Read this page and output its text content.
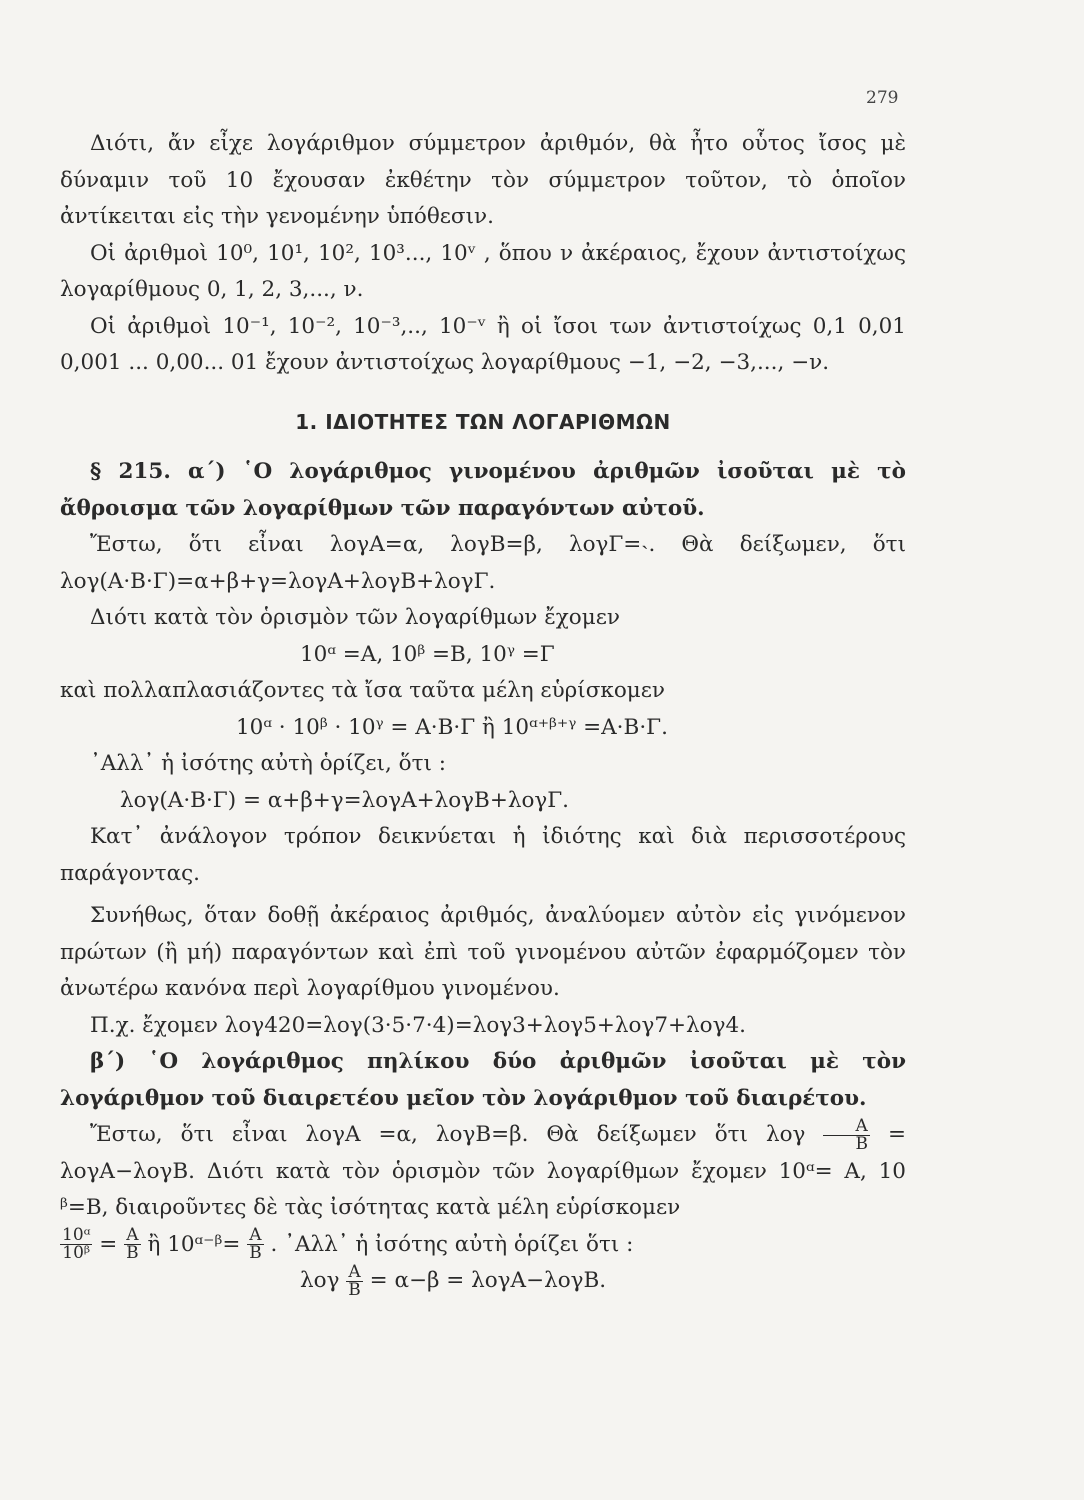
279

Διότι, ἄν εἶχε λογάριθμον σύμμετρον ἀριθμόν, θὰ ἦτο οὗτος ἴσος μὲ δύναμιν τοῦ 10 ἔχουσαν ἐκθέτην τὸν σύμμετρον τοῦτον, τὸ ὁποῖον ἀντίκειται εἰς τὴν γενομένην ὑπόθεσιν.

Οἱ ἀριθμοὶ 10⁰, 10¹, 10², 10³..., 10ᵛ , ὅπου ν ἀκέραιος, ἔχουν ἀντιστοίχως λογαρίθμους 0, 1, 2, 3,..., ν.

Οἱ ἀριθμοὶ 10⁻¹, 10⁻², 10⁻³,.., 10⁻ᵛ ἢ οἱ ἴσοι των ἀντιστοίχως 0,1 0,01 0,001 ... 0,00... 01 ἔχουν ἀντιστοίχως λογαρίθμους −1, −2, −3,..., −ν.

1. ΙΔΙΟΤΗΤΕΣ ΤΩΝ ΛΟΓΑΡΙΘΜΩΝ

§ 215. α΄) ῾Ο λογάριθμος γινομένου ἀριθμῶν ἰσοῦται μὲ τὸ ἄθροισμα τῶν λογαρίθμων τῶν παραγόντων αὐτοῦ.

Ἔστω, ὅτι εἶναι λογΑ=α, λογΒ=β, λογΓ=˴. Θὰ δείξωμεν, ὅτι λογ(Α·Β·Γ)=α+β+γ=λογΑ+λογΒ+λογΓ.

Διότι κατὰ τὸν ὁρισμὸν τῶν λογαρίθμων ἔχομεν

10ᵅ =Α, 10ᵝ =Β, 10ᵞ =Γ

καὶ πολλαπλασιάζοντες τὰ ἴσα ταῦτα μέλη εὑρίσκομεν

10ᵅ · 10ᵝ · 10ᵞ = Α·Β·Γ ἢ 10ᵅ⁺ᵝ⁺ᵞ =Α·Β·Γ.

᾿Αλλ᾿ ἡ ἰσότης αὐτὴ ὁρίζει, ὅτι :

λογ(Α·Β·Γ) = α+β+γ=λογΑ+λογΒ+λογΓ.

Κατ᾿ ἀνάλογον τρόπον δεικνύεται ἡ ἰδιότης καὶ διὰ περισσοτέρους παράγοντας.

Συνήθως, ὅταν δοθῇ ἀκέραιος ἀριθμός, ἀναλύομεν αὐτὸν εἰς γινόμενον πρώτων (ἢ μή) παραγόντων καὶ ἐπὶ τοῦ γινομένου αὐτῶν ἐφαρμόζομεν τὸν ἀνωτέρω κανόνα περὶ λογαρίθμου γινομένου.

Π.χ. ἔχομεν λογ420=λογ(3·5·7·4)=λογ3+λογ5+λογ7+λογ4.

β΄) ῾Ο λογάριθμος πηλίκου δύο ἀριθμῶν ἰσοῦται μὲ τὸν λογάριθμον τοῦ διαιρετέου μεῖον τὸν λογάριθμον τοῦ διαιρέτου.

Ἔστω, ὅτι εἶναι λογΑ =α, λογΒ=β. Θὰ δείξωμεν ὅτι λογ $\frac{A}{B} = \lambda o\gamma A-\lambda o\gamma B$. Διότι κατὰ τὸν ὁρισμὸν τῶν λογαρίθμων ἔχομεν 10ᵅ= Α, 10 ᵝ=Β, διαιροῦντες δὲ τὰς ἰσότητας κατὰ μέλη εὑρίσκομεν

$\frac{\text{10ᵅ}}{\text{10ᵝ}} = \frac{A}{B}$ ἢ 10ᵅ⁻ᵝ= $\frac{A}{B}$ . ᾿Αλλ᾿ ἡ ἰσότης αὐτὴ ὁρίζει ὅτι :

λογ $\frac{A}{B} = \alpha-\beta = \lambda o\gamma A-\lambda o\gamma B$.
